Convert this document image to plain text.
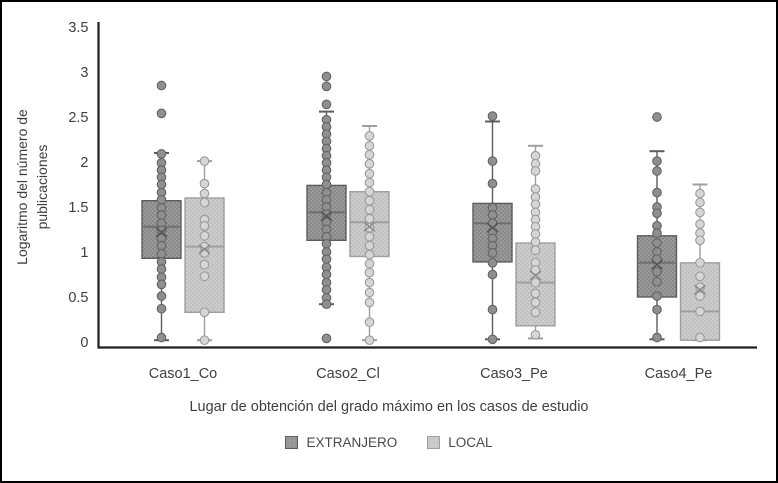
0
0.5
1
1.5
2
2.5
3
3.5
Caso1_Co	Caso2_Cl	Caso3_Pe	Caso4_Pe
Logaritmo del número de publicaciones
Lugar de obtención del grado máximo en los casos de estudio
EXTRANJERO	LOCAL
